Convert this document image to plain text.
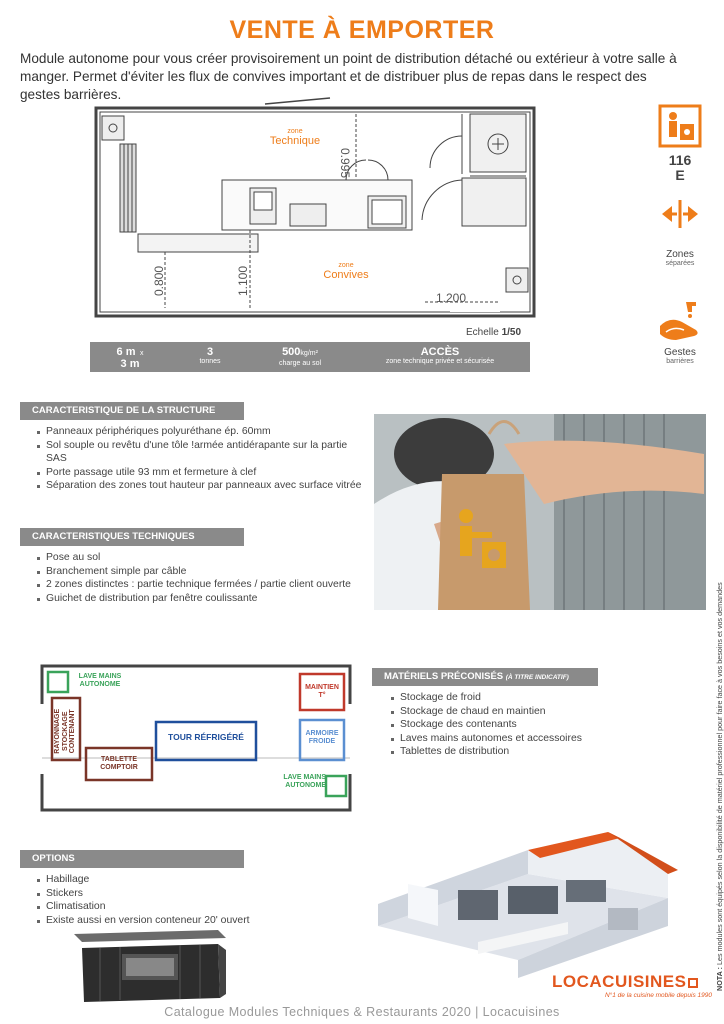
VENTE À EMPORTER
Module autonome pour vous créer provisoirement un point de distribution détaché ou extérieur à votre salle à manger. Permet d'éviter les flux de convives important et de distribuer plus de repas dans le respect des gestes barrières.
zone
Technique
zone
Convives
0.995
0.800	1.100
1.200
Echelle 1/50
6 m x
3 m
3
tonnes
500kg/m²
charge au sol
ACCÈS
zone technique privée et sécurisée
116
E
Zones
séparées
Gestes
barrières
CARACTERISTIQUE DE LA STRUCTURE
Panneaux périphériques polyuréthane ép. 60mm
Sol souple ou revêtu d'une tôle !armée antidérapante sur la partie SAS
Porte passage utile 93 mm et fermeture à clef
Séparation des zones tout hauteur par panneaux avec surface vitrée
CARACTERISTIQUES TECHNIQUES
Pose au sol
Branchement simple par câble
2 zones distinctes : partie technique fermées / partie client ouverte
Guichet de distribution par fenêtre coulissante
LAVE MAINS AUTONOME
RAYONNAGE STOCKAGE CONTENANT
TABLETTE COMPTOIR
TOUR RÉFRIGÉRÉ
MAINTIEN T°
ARMOIRE FROIDE
LAVE MAINS AUTONOME
MATÉRIELS PRÉCONISÉS (À TITRE INDICATIF)
Stockage de froid
Stockage de chaud en maintien
Stockage des contenants
Laves mains autonomes et accessoires
Tablettes de distribution
OPTIONS
Habillage
Stickers
Climatisation
Existe aussi en version conteneur 20' ouvert
NOTA : Les modules sont équipés selon la disponibilité de matériel professionnel pour faire face à vos besoins et vos demandes
LOCACUISINES
N°1 de la cuisine mobile depuis 1990
Catalogue Modules Techniques & Restaurants 2020 | Locacuisines
